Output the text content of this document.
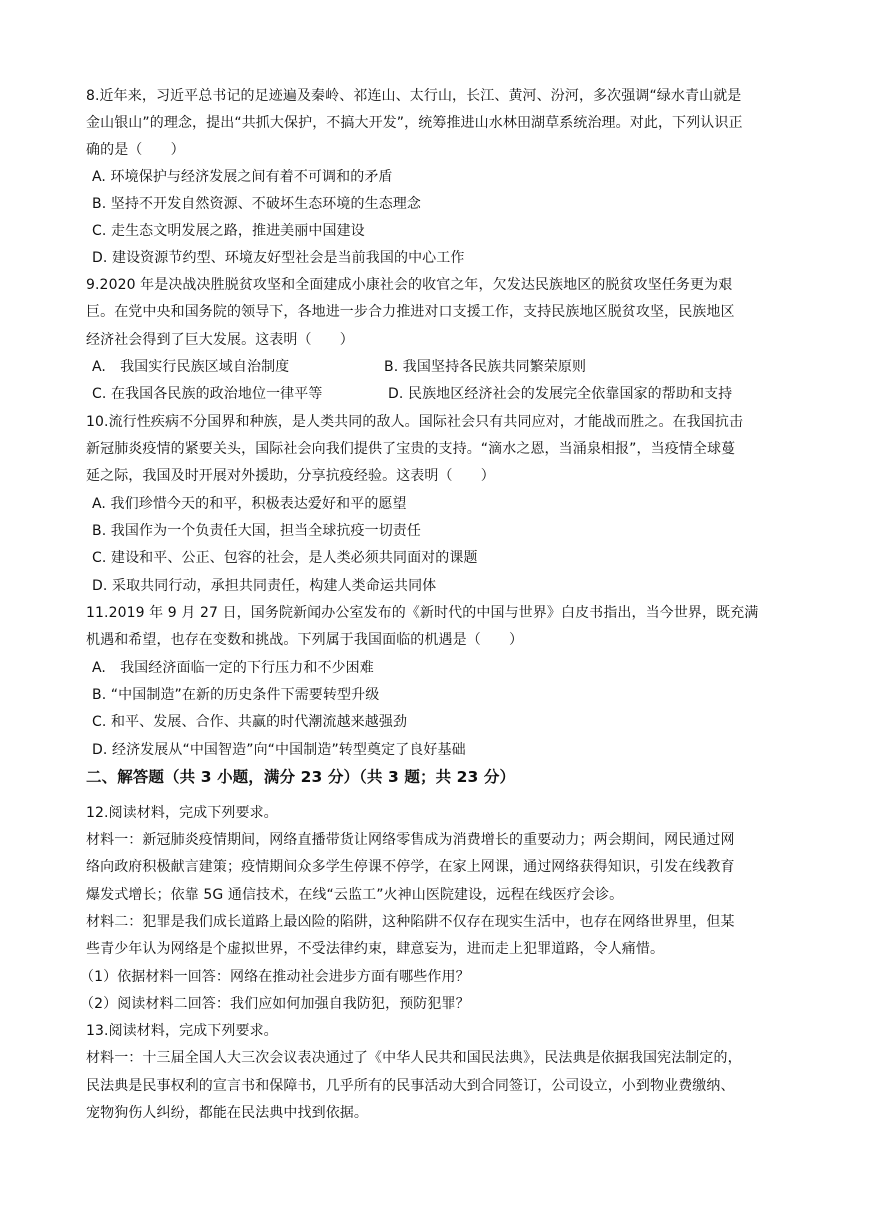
8.近年来，习近平总书记的足迹遍及秦岭、祁连山、太行山，长江、黄河、汾河，多次强调“绿水青山就是
金山银山”的理念，提出“共抓大保护，不搞大开发”，统筹推进山水林田湖草系统治理。对此，下列认识正
确的是（　　）
A. 环境保护与经济发展之间有着不可调和的矛盾
B. 坚持不开发自然资源、不破坏生态环境的生态理念
C. 走生态文明发展之路，推进美丽中国建设
D. 建设资源节约型、环境友好型社会是当前我国的中心工作
9.2020 年是决战决胜脱贫攻坚和全面建成小康社会的收官之年，欠发达民族地区的脱贫攻坚任务更为艰
巨。在党中央和国务院的领导下，各地进一步合力推进对口支援工作，支持民族地区脱贫攻坚，民族地区
经济社会得到了巨大发展。这表明（　　）
A.　我国实行民族区域自治制度	B. 我国坚持各民族共同繁荣原则
C. 在我国各民族的政治地位一律平等	D. 民族地区经济社会的发展完全依靠国家的帮助和支持
10.流行性疾病不分国界和种族，是人类共同的敌人。国际社会只有共同应对，才能战而胜之。在我国抗击
新冠肺炎疫情的紧要关头，国际社会向我们提供了宝贵的支持。“滴水之恩，当涌泉相报”，当疫情全球蔓
延之际，我国及时开展对外援助，分享抗疫经验。这表明（　　）
A. 我们珍惜今天的和平，积极表达爱好和平的愿望
B. 我国作为一个负责任大国，担当全球抗疫一切责任
C. 建设和平、公正、包容的社会，是人类必须共同面对的课题
D. 采取共同行动，承担共同责任，构建人类命运共同体
11.2019 年 9 月 27 日，国务院新闻办公室发布的《新时代的中国与世界》白皮书指出，当今世界，既充满
机遇和希望，也存在变数和挑战。下列属于我国面临的机遇是（　　）
A.　我国经济面临一定的下行压力和不少困难
B. “中国制造”在新的历史条件下需要转型升级
C. 和平、发展、合作、共赢的时代潮流越来越强劲
D. 经济发展从“中国智造”向“中国制造”转型奠定了良好基础
二、解答题（共 3 小题，满分 23 分）（共 3 题；共 23 分）
12.阅读材料，完成下列要求。
材料一：新冠肺炎疫情期间，网络直播带货让网络零售成为消费增长的重要动力；两会期间，网民通过网
络向政府积极献言建策；疫情期间众多学生停课不停学，在家上网课，通过网络获得知识，引发在线教育
爆发式增长；依靠 5G 通信技术，在线“云监工”火神山医院建设，远程在线医疗会诊。
材料二：犯罪是我们成长道路上最凶险的陷阱，这种陷阱不仅存在现实生活中，也存在网络世界里，但某
些青少年认为网络是个虚拟世界，不受法律约束，肆意妄为，进而走上犯罪道路，令人痛惜。
（1）依据材料一回答：网络在推动社会进步方面有哪些作用？
（2）阅读材料二回答：我们应如何加强自我防犯，预防犯罪？
13.阅读材料，完成下列要求。
材料一：十三届全国人大三次会议表决通过了《中华人民共和国民法典》，民法典是依据我国宪法制定的，
民法典是民事权利的宣言书和保障书，几乎所有的民事活动大到合同签订，公司设立，小到物业费缴纳、
宠物狗伤人纠纷，都能在民法典中找到依据。
